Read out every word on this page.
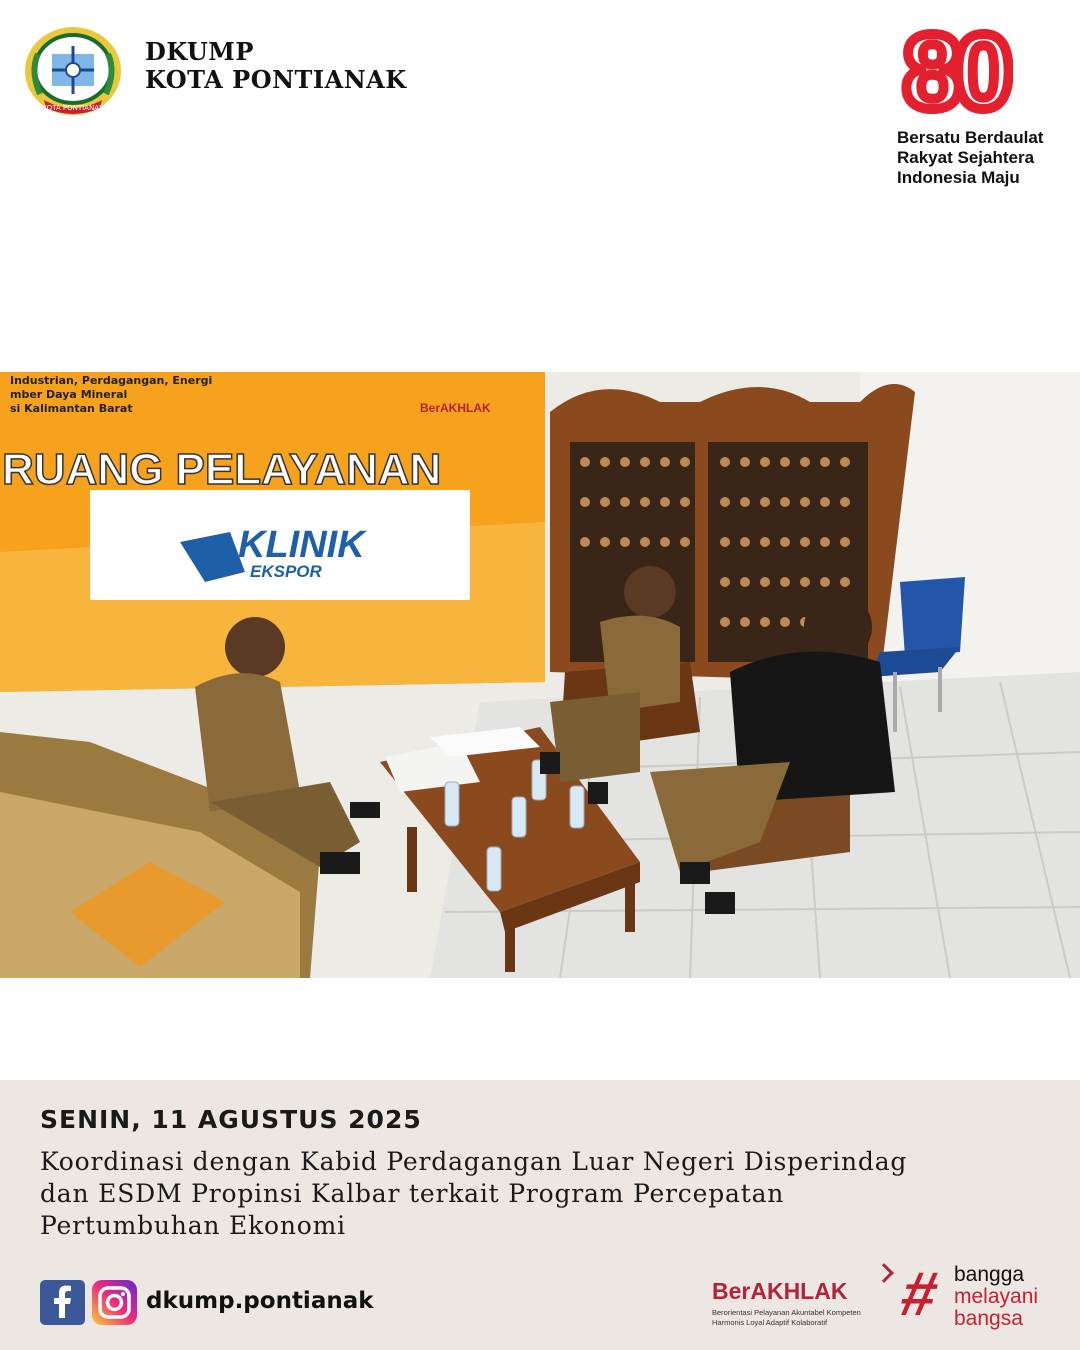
KOTA PONTIANAK
DKUMP
KOTA PONTIANAK	80
Bersatu Berdaulat
Rakyat Sejahtera
Indonesia Maju
Industrian, Perdagangan, Energi
mber Daya Mineral
si Kalimantan Barat
RUANG PELAYANAN
KLINIK
EKSPOR
BerAKHLAK
SENIN, 11 AGUSTUS 2025
Koordinasi dengan Kabid Perdagangan Luar Negeri Disperindag
dan ESDM Propinsi Kalbar terkait Program Percepatan
Pertumbuhan Ekonomi
dkump.pontianak	BerAKHLAK
Berorientasi Pelayanan Akuntabel Kompeten
Harmonis Loyal Adaptif Kolaboratif # bangga
melayani
bangsa
